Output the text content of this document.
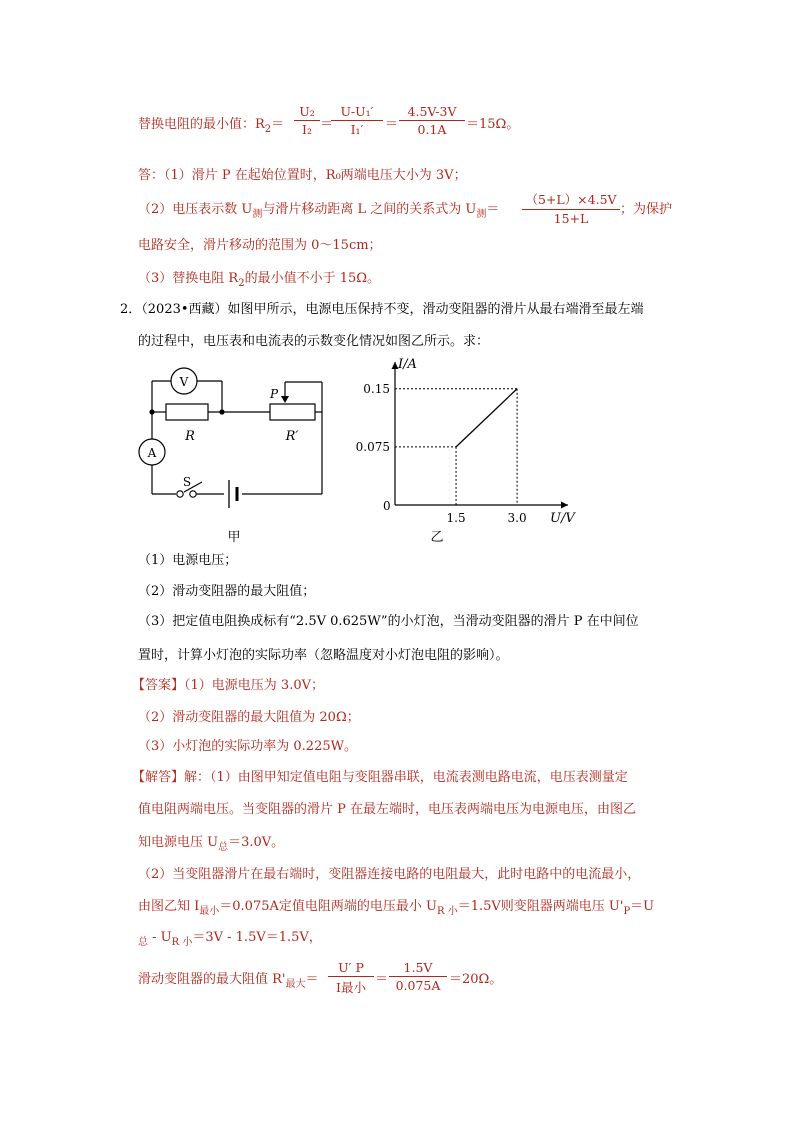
替换电阻的最小值：$R_2= \frac{\text{U₂}}{\text{I₂}}$ ＝
$\frac{\text{U-U₁′}}{\text{I₁′}} = \frac{4.5V-3V}{0.1A} =15\Omega$。
答：（1）滑片 P 在起始位置时，R₀两端电压大小为 3V；
（2）电压表示数 $U_测$与滑片移动距离 L 之间的关系式为 $U_测= \frac{(5+L)\times 4.5V}{15+L}$ ；为保护
电路安全，滑片移动的范围为 0～15cm；
（3）替换电阻 $R_2$的最小值不小于 15Ω。
2．（2023•西藏）如图甲所示，电源电压保持不变，滑动变阻器的滑片从最右端滑至最左端
的过程中，电压表和电流表的示数变化情况如图乙所示。求：
V
A
R	R′
P
S
甲
I/A
U/V
0
1.5	3.0
0.075
0.15
乙
（1）电源电压；
（2）滑动变阻器的最大阻值；
（3）把定值电阻换成标有“2.5V 0.625W”的小灯泡，当滑动变阻器的滑片 P 在中间位
置时，计算小灯泡的实际功率（忽略温度对小灯泡电阻的影响）。
【答案】（1）电源电压为 3.0V；
（2）滑动变阻器的最大阻值为 20Ω；
（3）小灯泡的实际功率为 0.225W。
【解答】解：（1）由图甲知定值电阻与变阻器串联，电流表测电路电流，电压表测量定
值电阻两端电压。当变阻器的滑片 P 在最左端时，电压表两端电压为电源电压，由图乙
知电源电压 $U_总=3.0V$。
（2）当变阻器滑片在最右端时，变阻器连接电路的电阻最大，此时电路中的电流最小，
由图乙知 $I_{最小}=0.075A$定值电阻两端的电压最小 $U_{R 小}=1.5V$则变阻器两端电压 $U'_P=U$
$_总 - U_{R 小}=3V - 1.5V=1.5V$，
滑动变阻器的最大阻值 $R'_{最大}=$
U′ P
I最小
＝ $\frac{1.5V}{0.075A} =20\Omega$。
